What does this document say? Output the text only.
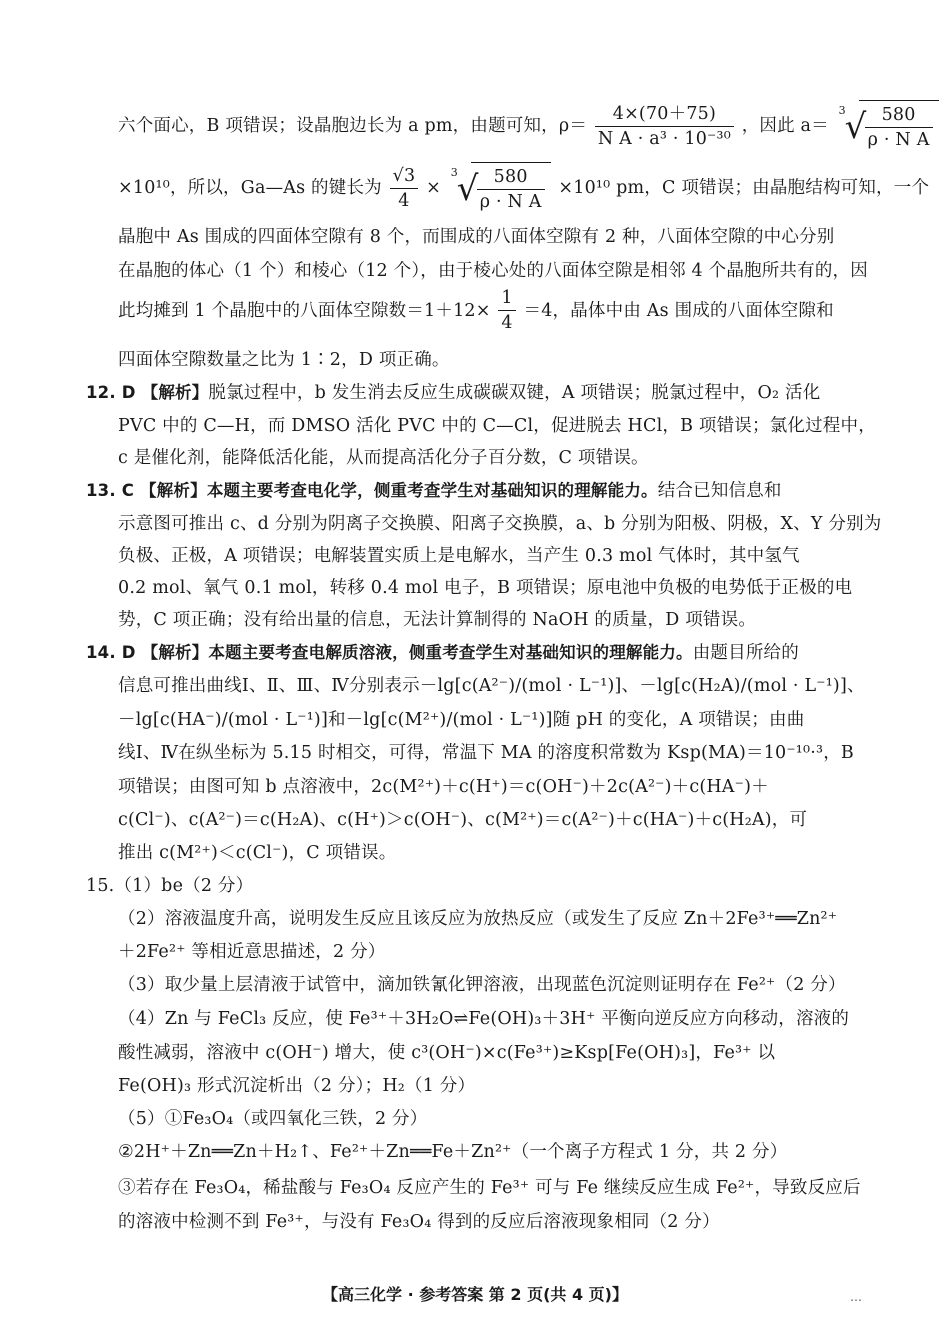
六个面心，B 项错误；设晶胞边长为 a pm，由题可知，$\rho= \frac{4\times(70+75)}{\text{N A · a³ · 10⁻³⁰}}$ ，因此 a＝
3
√
$\frac{580}{\text{ρ · N A}}$
×10¹⁰，所以，Ga—As 的键长为 $\frac{√3}{4}$ ×
3
√
$\frac{580}{\text{ρ · N A}} \times 10^{10}$ pm，C 项错误；由晶胞结构可知，一个
晶胞中 As 围成的四面体空隙有 8 个，而围成的八面体空隙有 2 种，八面体空隙的中心分别
在晶胞的体心（1 个）和棱心（12 个），由于棱心处的八面体空隙是相邻 4 个晶胞所共有的，因
此均摊到 1 个晶胞中的八面体空隙数$=1+12\times \frac{1}{4} =4$，晶体中由 As 围成的八面体空隙和
四面体空隙数量之比为 1∶2，D 项正确。
12. D 【解析】脱氯过程中，b 发生消去反应生成碳碳双键，A 项错误；脱氯过程中，O₂ 活化
PVC 中的 C—H，而 DMSO 活化 PVC 中的 C—Cl，促进脱去 HCl，B 项错误；氯化过程中，
c 是催化剂，能降低活化能，从而提高活化分子百分数，C 项错误。
13. C 【解析】本题主要考查电化学，侧重考查学生对基础知识的理解能力。结合已知信息和
示意图可推出 c、d 分别为阴离子交换膜、阳离子交换膜，a、b 分别为阳极、阴极，X、Y 分别为
负极、正极，A 项错误；电解装置实质上是电解水，当产生 0.3 mol 气体时，其中氢气
0.2 mol、氧气 0.1 mol，转移 0.4 mol 电子，B 项错误；原电池中负极的电势低于正极的电
势，C 项正确；没有给出量的信息，无法计算制得的 NaOH 的质量，D 项错误。
14. D 【解析】本题主要考查电解质溶液，侧重考查学生对基础知识的理解能力。由题目所给的
信息可推出曲线Ⅰ、Ⅱ、Ⅲ、Ⅳ分别表示－lg[c(A²⁻)/(mol · L⁻¹)]、－lg[c(H₂A)/(mol · L⁻¹)]、
－lg[c(HA⁻)/(mol · L⁻¹)]和－lg[c(M²⁺)/(mol · L⁻¹)]随 pH 的变化，A 项错误；由曲
线Ⅰ、Ⅳ在纵坐标为 5.15 时相交，可得，常温下 MA 的溶度积常数为 Ksp(MA)＝10⁻¹⁰·³，B
项错误；由图可知 b 点溶液中，2c(M²⁺)＋c(H⁺)＝c(OH⁻)＋2c(A²⁻)＋c(HA⁻)＋
c(Cl⁻)、c(A²⁻)＝c(H₂A)、c(H⁺)＞c(OH⁻)、c(M²⁺)＝c(A²⁻)＋c(HA⁻)＋c(H₂A)，可
推出 c(M²⁺)＜c(Cl⁻)，C 项错误。
15.（1）be（2 分）
（2）溶液温度升高，说明发生反应且该反应为放热反应（或发生了反应 Zn＋2Fe³⁺══Zn²⁺
＋2Fe²⁺ 等相近意思描述，2 分）
（3）取少量上层清液于试管中，滴加铁氰化钾溶液，出现蓝色沉淀则证明存在 Fe²⁺（2 分）
（4）Zn 与 FeCl₃ 反应，使 Fe³⁺＋3H₂O⇌Fe(OH)₃＋3H⁺ 平衡向逆反应方向移动，溶液的
酸性减弱，溶液中 c(OH⁻) 增大，使 c³(OH⁻)×c(Fe³⁺)≥Ksp[Fe(OH)₃]，Fe³⁺ 以
Fe(OH)₃ 形式沉淀析出（2 分）；H₂（1 分）
（5）①Fe₃O₄（或四氧化三铁，2 分）
②2H⁺＋Zn══Zn＋H₂↑、Fe²⁺＋Zn══Fe＋Zn²⁺（一个离子方程式 1 分，共 2 分）
③若存在 Fe₃O₄，稀盐酸与 Fe₃O₄ 反应产生的 Fe³⁺ 可与 Fe 继续反应生成 Fe²⁺，导致反应后
的溶液中检测不到 Fe³⁺，与没有 Fe₃O₄ 得到的反应后溶液现象相同（2 分）
【高三化学 · 参考答案 第 2 页(共 4 页)】	…
